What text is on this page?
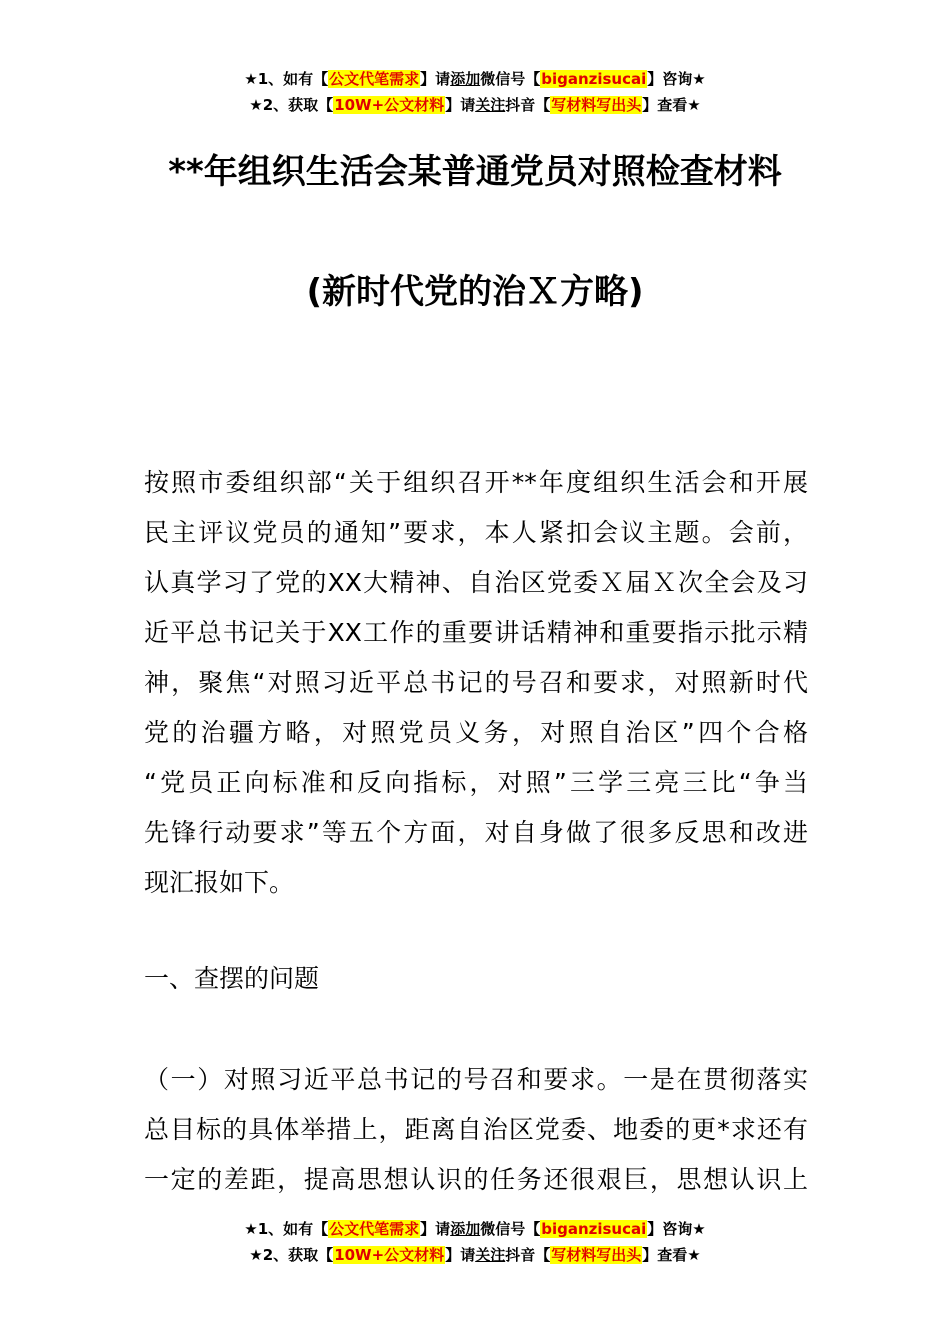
★1、如有【公文代笔需求】请添加微信号【biganzisucai】咨询★
★2、获取【10W+公文材料】请关注抖音【写材料写出头】查看★
**年组织生活会某普通党员对照检查材料
(新时代党的治Ｘ方略)
按照市委组织部“关于组织召开**年度组织生活会和开展
民主评议党员的通知”要求，本人紧扣会议主题。会前，
认真学习了党的XX大精神、自治区党委Ｘ届Ｘ次全会及习
近平总书记关于XX工作的重要讲话精神和重要指示批示精
神，聚焦“对照习近平总书记的号召和要求，对照新时代
党的治疆方略，对照党员义务，对照自治区”四个合格
“党员正向标准和反向指标，对照”三学三亮三比“争当
先锋行动要求”等五个方面，对自身做了很多反思和改进
现汇报如下。
一、查摆的问题
（一）对照习近平总书记的号召和要求。一是在贯彻落实
总目标的具体举措上，距离自治区党委、地委的更*求还有
一定的差距，提高思想认识的任务还很艰巨，思想认识上
★1、如有【公文代笔需求】请添加微信号【biganzisucai】咨询★
★2、获取【10W+公文材料】请关注抖音【写材料写出头】查看★
